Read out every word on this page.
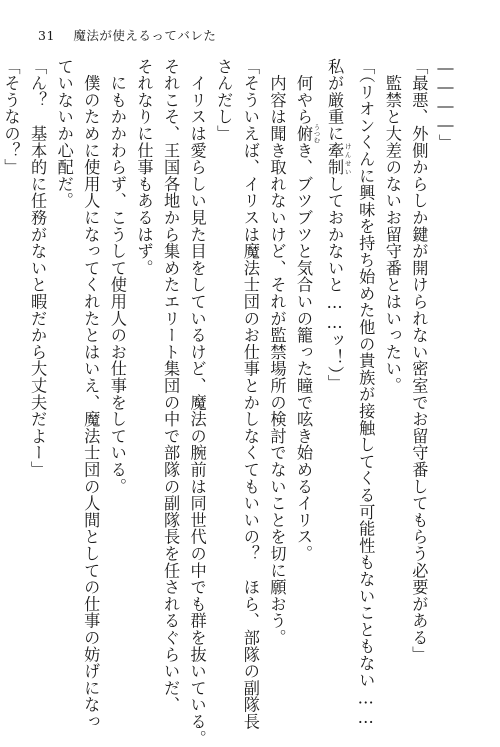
31 魔法が使えるってバレた
――――」
「最悪、外側からしか鍵が開けられない密室でお留守番してもらう必要がある」
　監禁と大差のないお留守番とはいったい。
「（リオンくんに興味を持ち始めた他の貴族が接触してくる可能性もないこともない……
私が厳重に牽制 けんせいしておかないと……ッ！）」
　何やら俯 うつむき、ブツブツと気合いの籠った瞳で呟き始めるイリス。
　内容は聞き取れないけど、それが監禁場所の検討でないことを切に願おう。
「そういえば、イリスは魔法士団のお仕事とかしなくてもいいの？　ほら、部隊の副隊長
さんだし」
　イリスは愛らしい見た目をしているけど、魔法の腕前は同世代の中でも群を抜いている。
それこそ、王国各地から集めたエリート集団の中で部隊の副隊長を任されるぐらいだ、
それなりに仕事もあるはず。
　にもかかわらず、こうして使用人のお仕事をしている。
　僕のために使用人になってくれたとはいえ、魔法士団の人間としての仕事の妨げになっ
ていないか心配だ。
「ん？　基本的に任務がないと暇だから大丈夫だよー」
「そうなの？」
